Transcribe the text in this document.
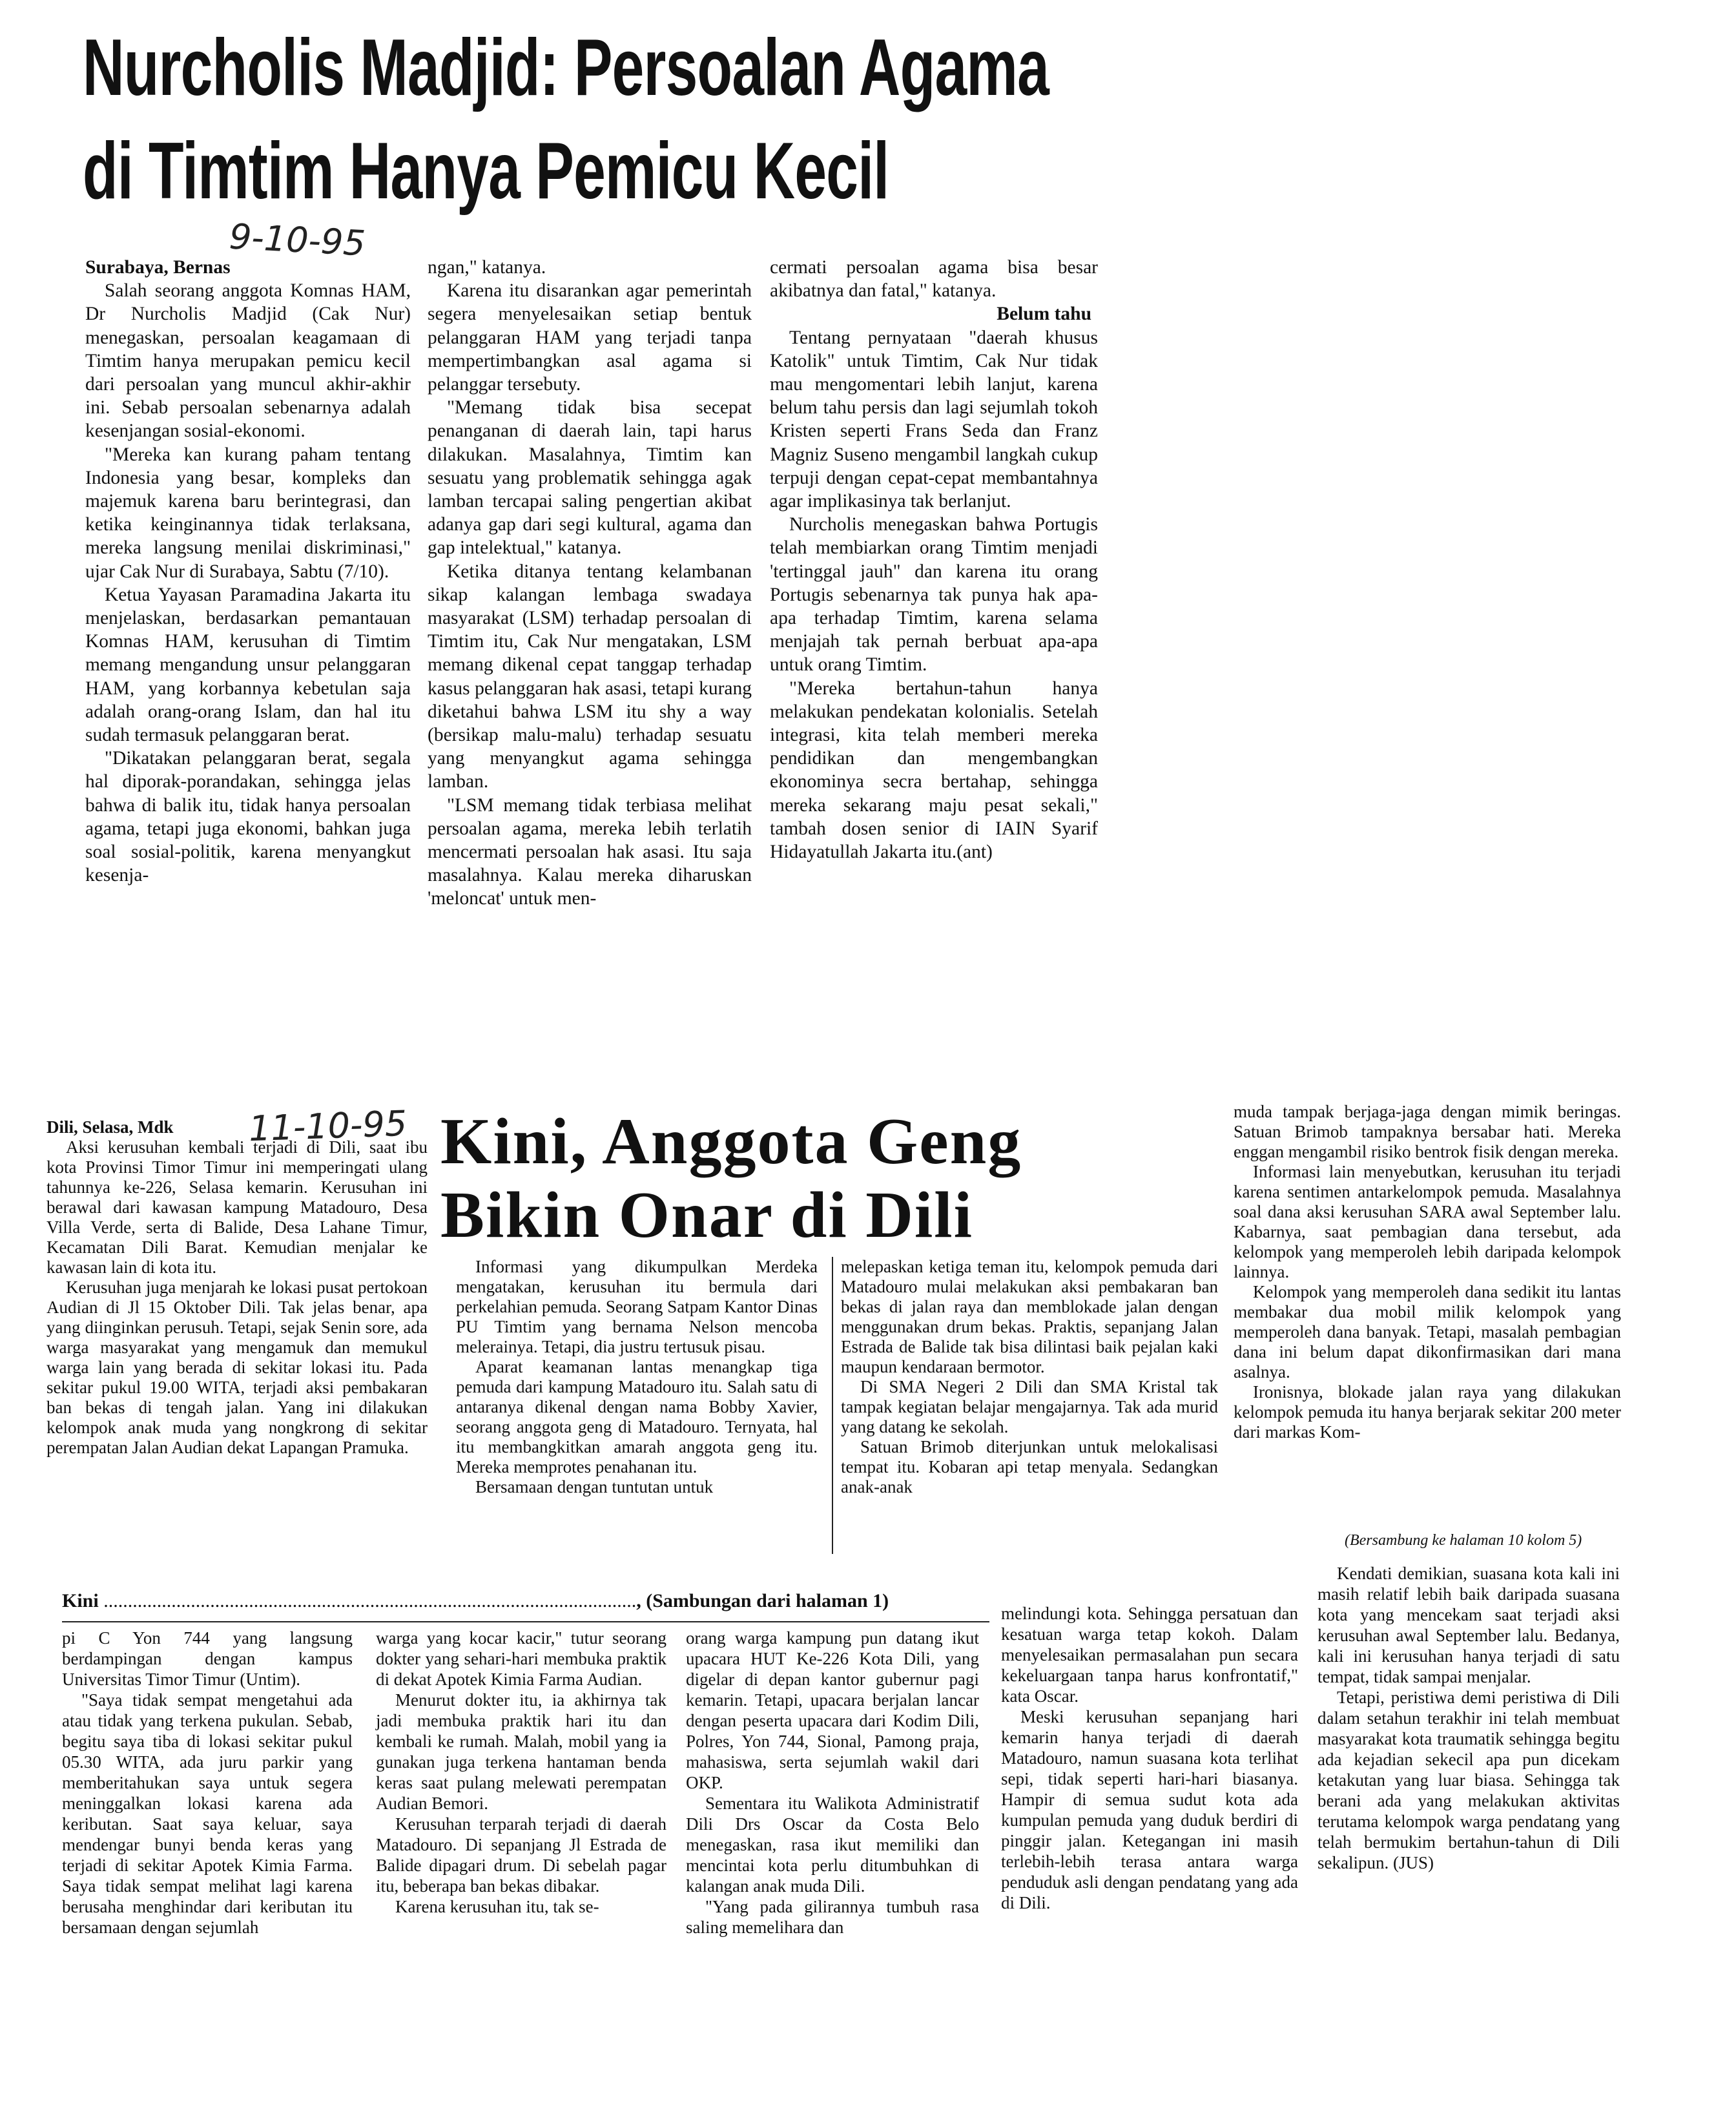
Nurcholis Madjid: Persoalan Agama
di Timtim Hanya Pemicu Kecil
9-10-95

Surabaya, Bernas

Salah seorang anggota Komnas HAM, Dr Nurcholis Madjid (Cak Nur) menegaskan, persoalan keagamaan di Timtim hanya merupakan pemicu kecil dari persoalan yang muncul akhir-akhir ini. Sebab persoalan sebenarnya adalah kesenjangan sosial-ekonomi.

"Mereka kan kurang paham tentang Indonesia yang besar, kompleks dan majemuk karena baru berintegrasi, dan ketika keinginannya tidak terlaksana, mereka langsung menilai diskriminasi," ujar Cak Nur di Surabaya, Sabtu (7/10).

Ketua Yayasan Paramadina Jakarta itu menjelaskan, berdasarkan pemantauan Komnas HAM, kerusuhan di Timtim memang mengandung unsur pelanggaran HAM, yang korbannya kebetulan saja adalah orang-orang Islam, dan hal itu sudah termasuk pelanggaran berat.

"Dikatakan pelanggaran berat, segala hal diporak-porandakan, sehingga jelas bahwa di balik itu, tidak hanya persoalan agama, tetapi juga ekonomi, bahkan juga soal sosial-politik, karena menyangkut kesenja-

ngan," katanya.

Karena itu disarankan agar pemerintah segera menyelesaikan setiap bentuk pelanggaran HAM yang terjadi tanpa mempertimbangkan asal agama si pelanggar tersebuty.

"Memang tidak bisa secepat penanganan di daerah lain, tapi harus dilakukan. Masalahnya, Timtim kan sesuatu yang problematik sehingga agak lamban tercapai saling pengertian akibat adanya gap dari segi kultural, agama dan gap intelektual," katanya.

Ketika ditanya tentang kelambanan sikap kalangan lembaga swadaya masyarakat (LSM) terhadap persoalan di Timtim itu, Cak Nur mengatakan, LSM memang dikenal cepat tanggap terhadap kasus pelanggaran hak asasi, tetapi kurang diketahui bahwa LSM itu shy a way (bersikap malu-malu) terhadap sesuatu yang menyangkut agama sehingga lamban.

"LSM memang tidak terbiasa melihat persoalan agama, mereka lebih terlatih mencermati persoalan hak asasi. Itu saja masalahnya. Kalau mereka diharuskan 'meloncat' untuk men-

cermati persoalan agama bisa besar akibatnya dan fatal," katanya.

Belum tahu

Tentang pernyataan "daerah khusus Katolik" untuk Timtim, Cak Nur tidak mau mengomentari lebih lanjut, karena belum tahu persis dan lagi sejumlah tokoh Kristen seperti Frans Seda dan Franz Magniz Suseno mengambil langkah cukup terpuji dengan cepat-cepat membantahnya agar implikasinya tak berlanjut.

Nurcholis menegaskan bahwa Portugis telah membiarkan orang Timtim menjadi 'tertinggal jauh" dan karena itu orang Portugis sebenarnya tak punya hak apa-apa terhadap Timtim, karena selama menjajah tak pernah berbuat apa-apa untuk orang Timtim.

"Mereka bertahun-tahun hanya melakukan pendekatan kolonialis. Setelah integrasi, kita telah memberi mereka pendidikan dan mengembangkan ekonominya secra bertahap, sehingga mereka sekarang maju pesat sekali," tambah dosen senior di IAIN Syarif Hidayatullah Jakarta itu.(ant)

Dili, Selasa, Mdk

Aksi kerusuhan kembali terjadi di Dili, saat ibu kota Provinsi Timor Timur ini memperingati ulang tahunnya ke-226, Selasa kemarin. Kerusuhan ini berawal dari kawasan kampung Matadouro, Desa Villa Verde, serta di Balide, Desa Lahane Timur, Kecamatan Dili Barat. Kemudian menjalar ke kawasan lain di kota itu.

Kerusuhan juga menjarah ke lokasi pusat pertokoan Audian di Jl 15 Oktober Dili. Tak jelas benar, apa yang diinginkan perusuh. Tetapi, sejak Senin sore, ada warga masyarakat yang mengamuk dan memukul warga lain yang berada di sekitar lokasi itu. Pada sekitar pukul 19.00 WITA, terjadi aksi pembakaran ban bekas di tengah jalan. Yang ini dilakukan kelompok anak muda yang nongkrong di sekitar perempatan Jalan Audian dekat Lapangan Pramuka.

11-10-95 Kini, Anggota Geng
Bikin Onar di Dili

Informasi yang dikumpulkan Merdeka mengatakan, kerusuhan itu bermula dari perkelahian pemuda. Seorang Satpam Kantor Dinas PU Timtim yang bernama Nelson mencoba melerainya. Tetapi, dia justru tertusuk pisau.

Aparat keamanan lantas menangkap tiga pemuda dari kampung Matadouro itu. Salah satu di antaranya dikenal dengan nama Bobby Xavier, seorang anggota geng di Matadouro. Ternyata, hal itu membangkitkan amarah anggota geng itu. Mereka memprotes penahanan itu.

Bersamaan dengan tuntutan untuk

melepaskan ketiga teman itu, kelompok pemuda dari Matadouro mulai melakukan aksi pembakaran ban bekas di jalan raya dan memblokade jalan dengan menggunakan drum bekas. Praktis, sepanjang Jalan Estrada de Balide tak bisa dilintasi baik pejalan kaki maupun kendaraan bermotor.

Di SMA Negeri 2 Dili dan SMA Kristal tak tampak kegiatan belajar mengajarnya. Tak ada murid yang datang ke sekolah.

Satuan Brimob diterjunkan untuk melokalisasi tempat itu. Kobaran api tetap menyala. Sedangkan anak-anak

muda tampak berjaga-jaga dengan mimik beringas. Satuan Brimob tampaknya bersabar hati. Mereka enggan mengambil risiko bentrok fisik dengan mereka.

Informasi lain menyebutkan, kerusuhan itu terjadi karena sentimen antarkelompok pemuda. Masalahnya soal dana aksi kerusuhan SARA awal September lalu. Kabarnya, saat pembagian dana tersebut, ada kelompok yang memperoleh lebih daripada kelompok lainnya.

Kelompok yang memperoleh dana sedikit itu lantas membakar dua mobil milik kelompok yang memperoleh dana banyak. Tetapi, masalah pembagian dana ini belum dapat dikonfirmasikan dari mana asalnya.

Ironisnya, blokade jalan raya yang dilakukan kelompok pemuda itu hanya berjarak sekitar 200 meter dari markas Kom-

(Bersambung ke halaman 10 kolom 5)
Kini .............................................................................................................., (Sambungan dari halaman 1)

pi C Yon 744 yang langsung berdampingan dengan kampus Universitas Timor Timur (Untim).

"Saya tidak sempat mengetahui ada atau tidak yang terkena pukulan. Sebab, begitu saya tiba di lokasi sekitar pukul 05.30 WITA, ada juru parkir yang memberitahukan saya untuk segera meninggalkan lokasi karena ada keributan. Saat saya keluar, saya mendengar bunyi benda keras yang terjadi di sekitar Apotek Kimia Farma. Saya tidak sempat melihat lagi karena berusaha menghindar dari keributan itu bersamaan dengan sejumlah

warga yang kocar kacir," tutur seorang dokter yang sehari-hari membuka praktik di dekat Apotek Kimia Farma Audian.

Menurut dokter itu, ia akhirnya tak jadi membuka praktik hari itu dan kembali ke rumah. Malah, mobil yang ia gunakan juga terkena hantaman benda keras saat pulang melewati perempatan Audian Bemori.

Kerusuhan terparah terjadi di daerah Matadouro. Di sepanjang Jl Estrada de Balide dipagari drum. Di sebelah pagar itu, beberapa ban bekas dibakar.

Karena kerusuhan itu, tak se-

orang warga kampung pun datang ikut upacara HUT Ke-226 Kota Dili, yang digelar di depan kantor gubernur pagi kemarin. Tetapi, upacara berjalan lancar dengan peserta upacara dari Kodim Dili, Polres, Yon 744, Sional, Pamong praja, mahasiswa, serta sejumlah wakil dari OKP.

Sementara itu Walikota Administratif Dili Drs Oscar da Costa Belo menegaskan, rasa ikut memiliki dan mencintai kota perlu ditumbuhkan di kalangan anak muda Dili.

"Yang pada gilirannya tumbuh rasa saling memelihara dan

melindungi kota. Sehingga persatuan dan kesatuan warga tetap kokoh. Dalam menyelesaikan permasalahan pun secara kekeluargaan tanpa harus konfrontatif," kata Oscar.

Meski kerusuhan sepanjang hari kemarin hanya terjadi di daerah Matadouro, namun suasana kota terlihat sepi, tidak seperti hari-hari biasanya. Hampir di semua sudut kota ada kumpulan pemuda yang duduk berdiri di pinggir jalan. Ketegangan ini masih terlebih-lebih terasa antara warga penduduk asli dengan pendatang yang ada di Dili.

Kendati demikian, suasana kota kali ini masih relatif lebih baik daripada suasana kota yang mencekam saat terjadi aksi kerusuhan awal September lalu. Bedanya, kali ini kerusuhan hanya terjadi di satu tempat, tidak sampai menjalar.

Tetapi, peristiwa demi peristiwa di Dili dalam setahun terakhir ini telah membuat masyarakat kota traumatik sehingga begitu ada kejadian sekecil apa pun dicekam ketakutan yang luar biasa. Sehingga tak berani ada yang melakukan aktivitas terutama kelompok warga pendatang yang telah bermukim bertahun-tahun di Dili sekalipun. (JUS)
